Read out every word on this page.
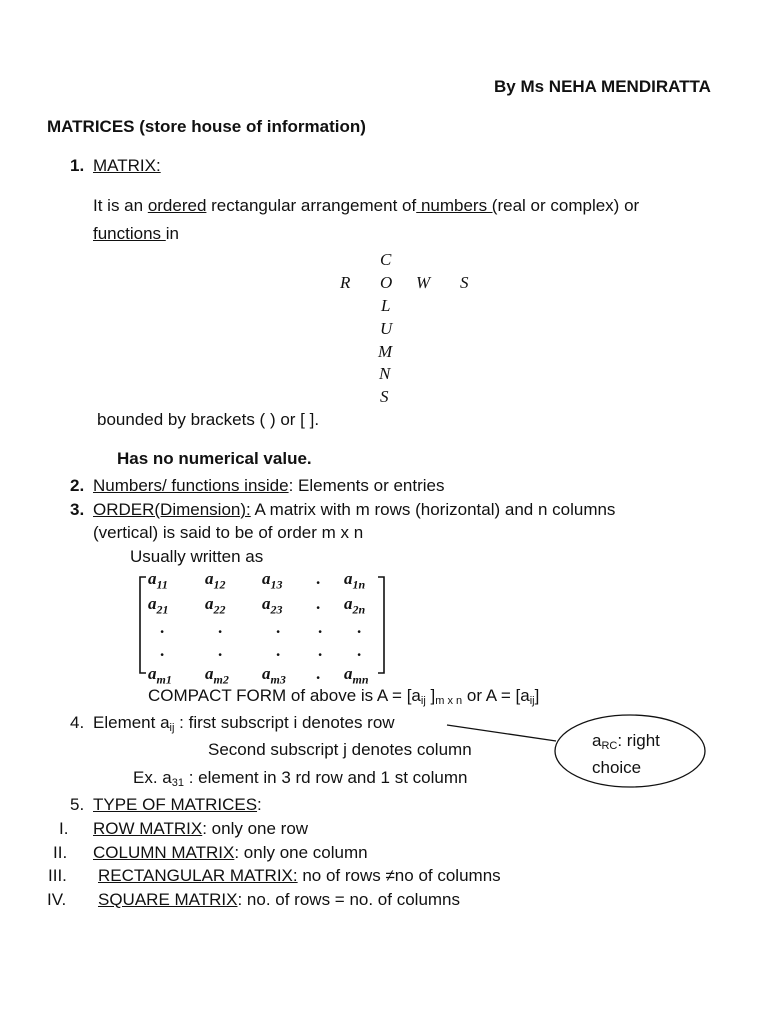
By Ms NEHA MENDIRATTA
MATRICES (store house of information)
1. MATRIX:
It is an ordered rectangular arrangement of numbers (real or complex) or
functions in
R O W S
C
L
U
M
N
S
bounded by brackets ( ) or [ ].
Has no numerical value.
2. Numbers/ functions inside: Elements or entries
3. ORDER(Dimension): A matrix with m rows (horizontal) and n columns
(vertical) is said to be of order m x n
Usually written as
$a_{11}$ $a_{12}$ $a_{13}$ . $a_{1n}$
$a_{21}$ $a_{22}$ $a_{23}$ . $a_{2n}$
.	.	. . .
.	.	. . .
$a_{m1}$ $a_{m2}$ $a_{m3}$ . $a_{mn}$
COMPACT FORM of above is $A = [a_{ij}$ ]$_{m x n}$ or $A = [a_{ij}]$
4. Element $a_{ij}$ : first subscript i denotes row
Second subscript j denotes column
Ex. $a_{31}$ : element in 3 rd row and 1 st column
$a_{RC}$: right
choice
5. TYPE OF MATRICES:
I. ROW MATRIX: only one row
II. COLUMN MATRIX: only one column
III. RECTANGULAR MATRIX: no of rows ≠no of columns
IV. SQUARE MATRIX: no. of rows = no. of columns
